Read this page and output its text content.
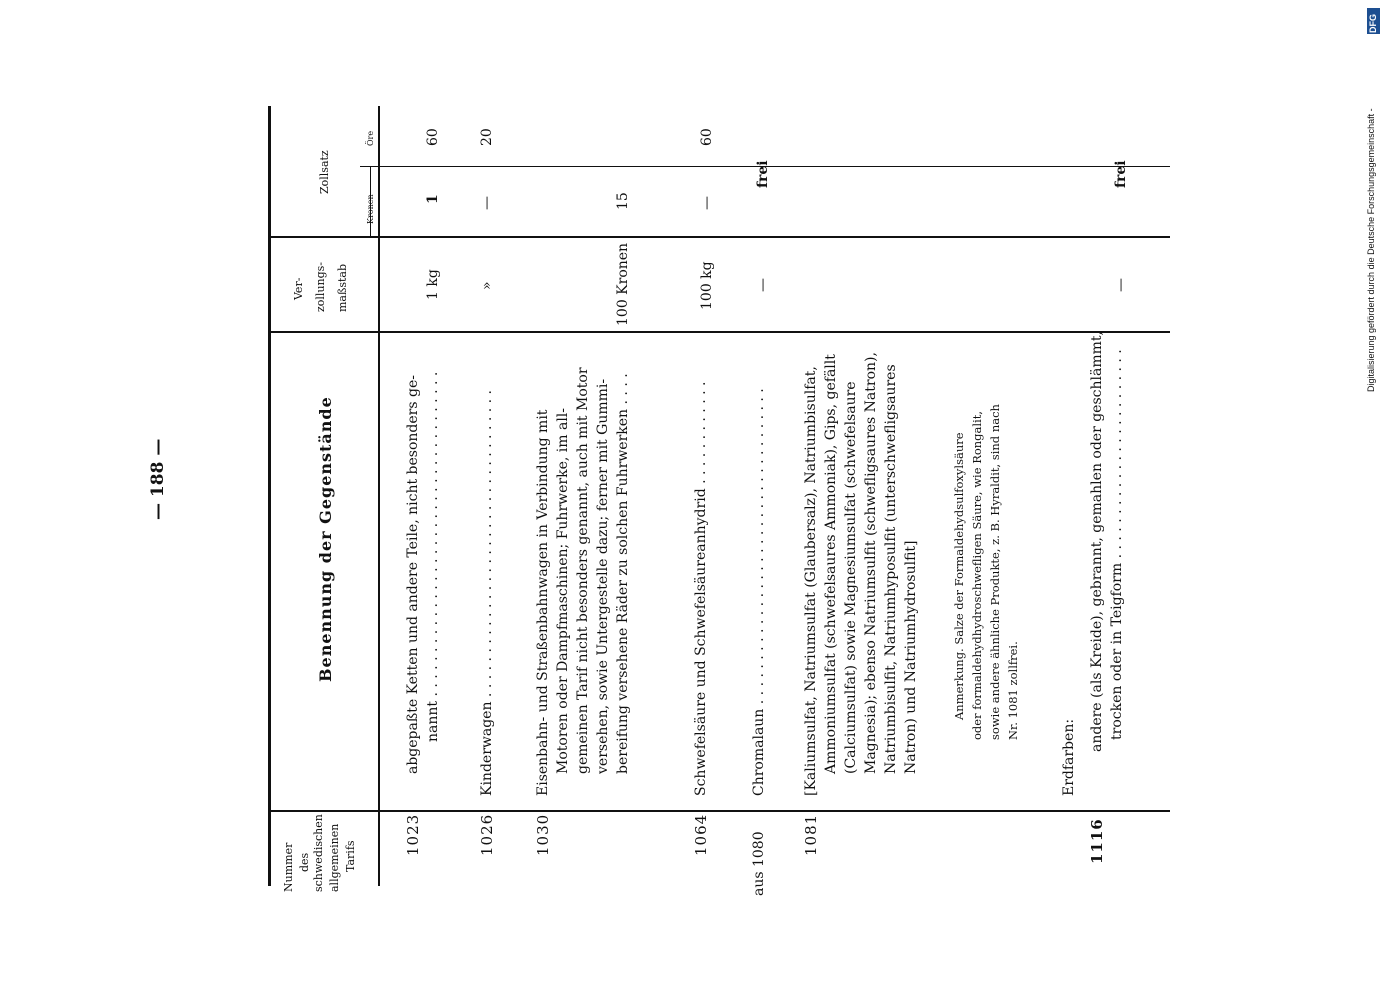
— 188 —
Digitalisierung gefördert durch die Deutsche Forschungsgemeinschaft -
DFG
Nummer des schwedischen allgemeinen Tarifs
Benennung der Gegenstände
Ver- zollungs- maßstab
Zollsatz
Kronen
Öre
1023
abgepaßte Ketten und andere Teile, nicht besonders ge- nannt . . . . . . . . . . . . . . . . . . . . . . . . . . . . . . . . . . . . .
1 kg
1
60
1026
Kinderwagen . . . . . . . . . . . . . . . . . . . . . . . . . . . . . . . . . . .
»
—
20
1030
Eisenbahn- und Straßenbahnwagen in Verbindung mit Motoren oder Dampfmaschinen; Fuhrwerke, im all- gemeinen Tarif nicht besonders genannt, auch mit Motor versehen, sowie Untergestelle dazu; ferner mit Gummi- bereifung versehene Räder zu solchen Fuhrwerken . . . .
100 Kronen
15
1064
Schwefelsäure und Schwefelsäureanhydrid . . . . . . . . . . . .
100 kg
—
60
aus 1080
Chromalaun . . . . . . . . . . . . . . . . . . . . . . . . . . . . . . . . . . . .
—
frei
1081
[Kaliumsulfat, Natriumsulfat (Glaubersalz), Natriumbisulfat, Ammoniumsulfat (schwefelsaures Ammoniak), Gips, gefällt (Calciumsulfat) sowie Magnesiumsulfat (schwefelsaure Magnesia); ebenso Natriumsulfit (schwefligsaures Natron), Natriumbisulfit, Natriumhyposulfit (unterschwefligsaures Natron) und Natriumhydrosulfit]	Anmerkung. Salze der Formaldehydsulfoxylsäure oder formaldehydhydroschwefligen Säure, wie Rongalit, sowie andere ähnliche Produkte, z. B. Hyraldit, sind nach Nr. 1081 zollfrei.
Erdfarben:
1116
andere (als Kreide), gebrannt, gemahlen oder geschlämmt, trocken oder in Teigform . . . . . . . . . . . . . . . . . . . . . . . .
—
frei
